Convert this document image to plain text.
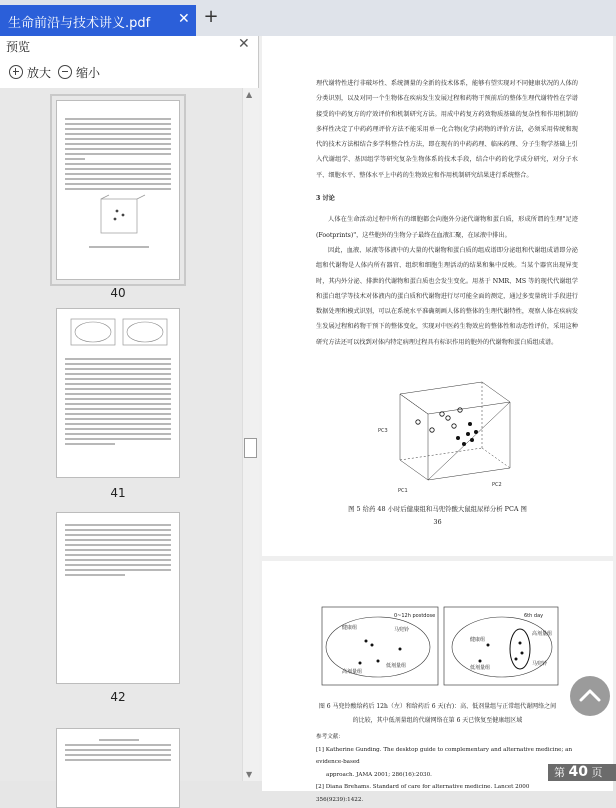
生命前沿与技术讲义.pdf ✕ +
预览	✕
放大 缩小
40
41
42
▲
▼

理代谢特性进行非破坏性、系统测量的全新的技术体系，能够有望实现对不同健康状况的人体的分类识别，以及对同一个生物体在疾病发生发展过程和药物干预前后的整体生理代谢特性在学谱接受的中药复方的疗效评价和机制研究方法。用成中药复方药效物质基础的复杂性和作用机制的多样性决定了中药药理评价方法不能采用单一化合物(化学)药物的评价方法，必须采用传统和现代的技术方法相结合多学科整合性方法，即在现有的中药药理、临床药理、分子生物学基础上引入代谢组学、基因组学等研究复杂生物体系的技术手段，结合中药的化学成分研究，对分子水平、细胞水平、整体水平上中药的生物效应和作用机制研究结果进行系统整合。

3 讨论

人体在生命活动过程中所有的细胞都会向胞外分泌代谢物和蛋白质，形成所谓的生理"足迹(Footprints)"，这些胞外的生物分子最终在血液汇聚，在尿液中排出。

因此，血液、尿液等体液中的大量的代谢物和蛋白质的组成谱即分泌组和代谢组成谱即分泌组和代谢物是人体内所有器官、组织和细胞生理活动的结果和集中反映。当某个器官出现异变时，其内外分泌、排泄的代谢物和蛋白质也会发生变化。用基于 NMR、MS 等的现代代谢组学和蛋白组学等技术对体液内的蛋白质和代谢物进行尽可能全面的测定，通过多变量统计手段进行数据处理和模式识别，可以在系统水平准确刻画人体的整体的生理代谢特性，观察人体在疾病发生发展过程和药物干预下的整体变化，实现对中医药生物效应的整体性和动态性评价，采用这种研究方法还可以找到对体内特定病理过程具有标识作用的胞外的代谢物和蛋白质组成谱。

PC3
PC1
PC2
图 5 给药 48 小时后健康组和马兜铃酸大鼠组尿样分析 PCA 图
36
健康组	马兜铃
高剂量组
低剂量组
0~12h postdose
健康组
低剂量组
高剂量组
马兜铃
6th day
图 6 马兜铃酸给药后 12h（左）和给药后 6 天(右)：高、低剂量组与正常组代谢网络之间
的比较，其中低剂量组的代谢网络在第 6 天已恢复至健康组区域
参考文献：
[1] Katherine Gunding. The desktop guide to complementary and alternative medicine; an evidence-based
approach. JAMA 2001; 286(16):2030.
[2] Diana Brehams. Standard of care for alternative medicine. Lancet 2000 356(9239):1422.
第 40 页
